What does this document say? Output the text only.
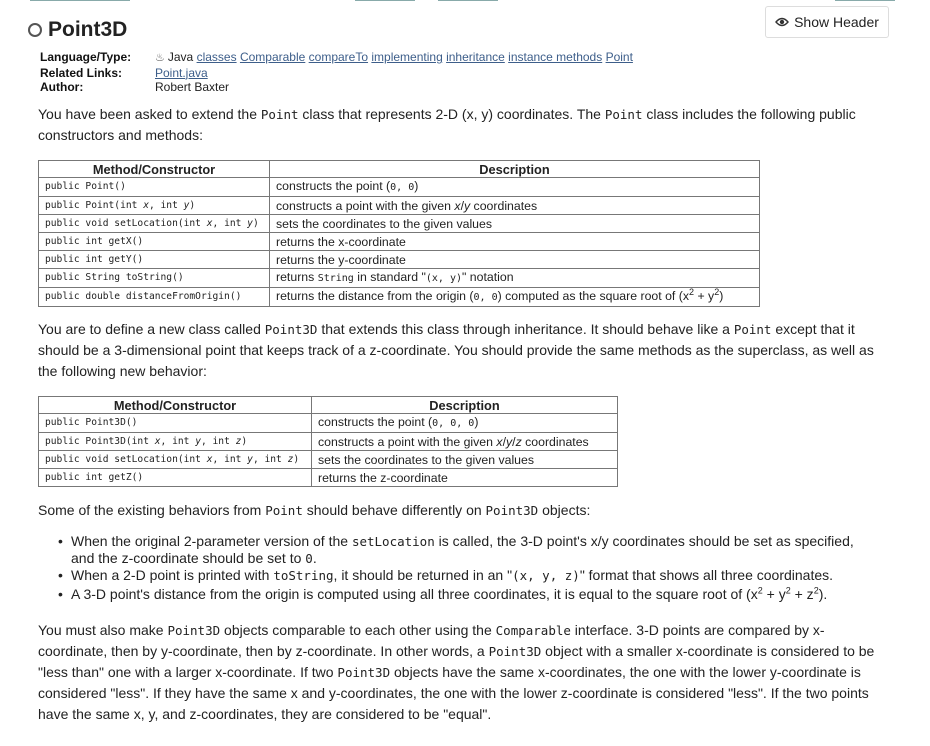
Show Header
Point3D
Language/Type:	♨ Java classes Comparable compareTo implementing inheritance instance methods Point
Related Links:	Point.java
Author:	Robert Baxter
You have been asked to extend the Point class that represents 2-D (x, y) coordinates. The Point class includes the following public constructors and methods:
Method/Constructor	Description
public Point()	constructs the point (0, 0)
public Point(int x, int y)	constructs a point with the given x/y coordinates
public void setLocation(int x, int y)	sets the coordinates to the given values
public int getX()	returns the x-coordinate
public int getY()	returns the y-coordinate
public String toString()	returns String in standard "(x, y)" notation
public double distanceFromOrigin()	returns the distance from the origin (0, 0) computed as the square root of $(x^2 + y^2)$
You are to define a new class called Point3D that extends this class through inheritance. It should behave like a Point except that it should be a 3-dimensional point that keeps track of a z-coordinate. You should provide the same methods as the superclass, as well as the following new behavior:
Method/Constructor	Description
public Point3D()	constructs the point (0, 0, 0)
public Point3D(int x, int y, int z)	constructs a point with the given x/y/z coordinates
public void setLocation(int x, int y, int z)	sets the coordinates to the given values
public int getZ()	returns the z-coordinate
Some of the existing behaviors from Point should behave differently on Point3D objects:
• When the original 2-parameter version of the setLocation is called, the 3-D point's x/y coordinates should be set as specified, and the z-coordinate should be set to 0.
• When a 2-D point is printed with toString, it should be returned in an "(x, y, z)" format that shows all three coordinates.
• A 3-D point's distance from the origin is computed using all three coordinates, it is equal to the square root of $(x^2 + y^2 + z^2)$.
You must also make Point3D objects comparable to each other using the Comparable interface. 3-D points are compared by x-coordinate, then by y-coordinate, then by z-coordinate. In other words, a Point3D object with a smaller x-coordinate is considered to be "less than" one with a larger x-coordinate. If two Point3D objects have the same x-coordinates, the one with the lower y-coordinate is considered "less". If they have the same x and y-coordinates, the one with the lower z-coordinate is considered "less". If the two points have the same x, y, and z-coordinates, they are considered to be "equal".
